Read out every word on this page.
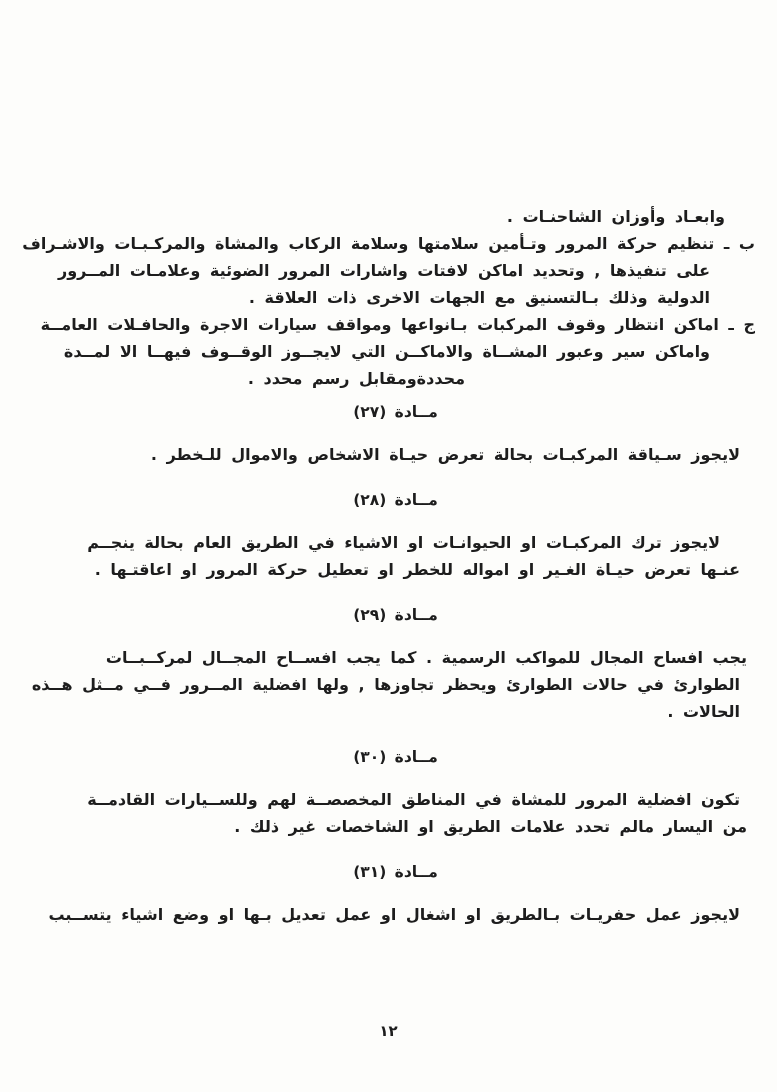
وابعـاد وأوزان الشاحنـات .

ب ـ تنظيم حركة المرور وتـأمين سلامتها وسلامة الركاب والمشاة والمركـبـات والاشـراف

على تنفيذها , وتحديد اماكن لافتات واشارات المرور الضوئية وعلامـات المــرور

الدولية وذلك بـالتسنيق مع الجهات الاخرى ذات العلاقة .

ج ـ اماكن انتظار وقوف المركبات بـانواعها ومواقف سيارات الاجرة والحافـلات العامــة

واماكن سير وعبور المشــاة والاماكــن التي لايجــوز الوقــوف فيهــا الا لمــدة

محددةومقابل رسم محدد .

مــادة (٢٧)

لايجوز سـياقة المركبـات بحالة تعرض حيـاة الاشخاص والاموال للـخطر .

مــادة (٢٨)

لايجوز ترك المركبـات او الحيوانـات او الاشياء في الطريق العام بحالة ينجــم

عنـها تعرض حيـاة الغـير او امواله للخطر او تعطيل حركة المرور او اعاقتـها .

مــادة (٢٩)

يجب افساح المجال للمواكب الرسمية . كما يجب افســاح المجــال لمركــبــات

الطوارئ في حالات الطوارئ ويحظر تجاوزها , ولها افضلية المــرور فــي مــثل هــذه

الحالات .

مــادة (٣٠)

تكون افضلية المرور للمشاة في المناطق المخصصــة لهم وللســيارات القادمــة

من اليسار مالم تحدد علامات الطريق او الشاخصات غير ذلك .

مــادة (٣١)

لايجوز عمل حفريـات بـالطريق او اشغال او عمل تعديل بـها او وضع اشياء يتســبب

١٢
